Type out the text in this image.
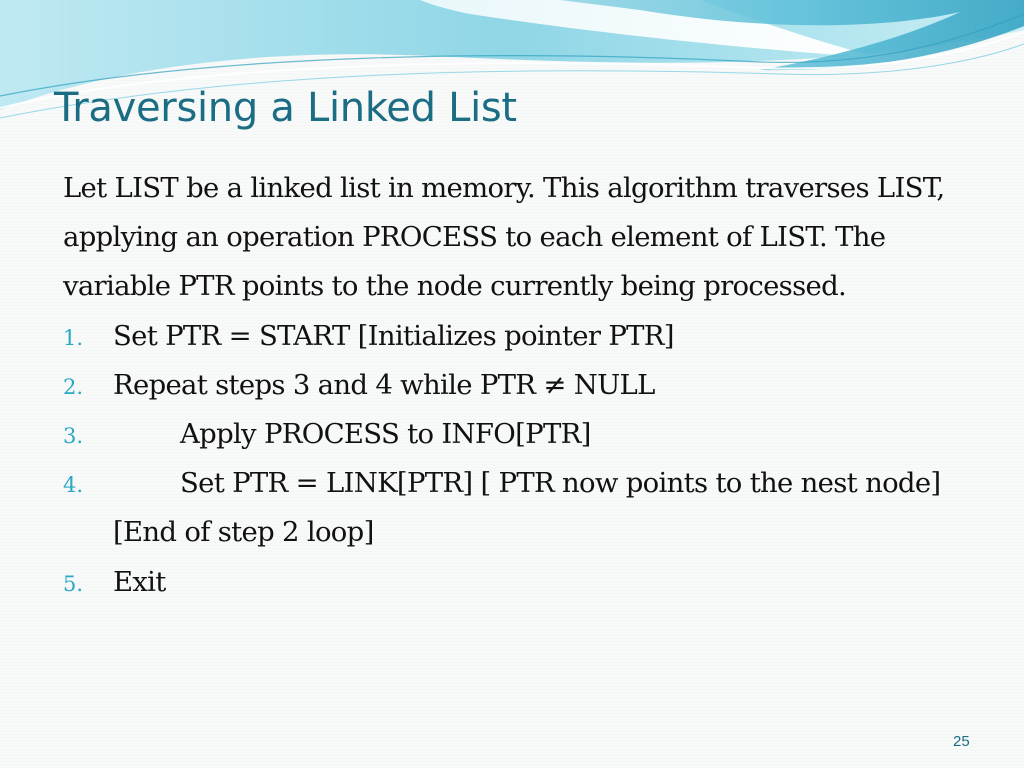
Traversing a Linked List

Let LIST be a linked list in memory. This algorithm traverses LIST, applying an operation PROCESS to each element of LIST. The variable PTR points to the node currently being processed.

1. Set PTR = START [Initializes pointer PTR]
2. Repeat steps 3 and 4 while PTR ≠ NULL
3.	Apply PROCESS to INFO[PTR]
4.	Set PTR = LINK[PTR] [ PTR now points to the nest node]
[End of step 2 loop]
5. Exit
25
